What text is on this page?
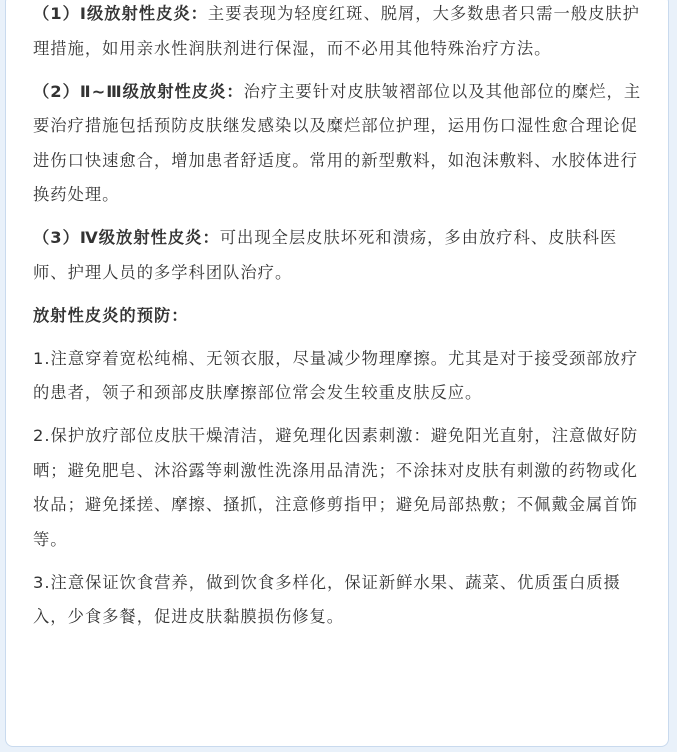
（1）Ⅰ级放射性皮炎：主要表现为轻度红斑、脱屑，大多数患者只需一般皮肤护理措施，如用亲水性润肤剂进行保湿，而不必用其他特殊治疗方法。

（2）Ⅱ~Ⅲ级放射性皮炎：治疗主要针对皮肤皱褶部位以及其他部位的糜烂，主要治疗措施包括预防皮肤继发感染以及糜烂部位护理，运用伤口湿性愈合理论促进伤口快速愈合，增加患者舒适度。常用的新型敷料，如泡沫敷料、水胶体进行换药处理。

（3）Ⅳ级放射性皮炎：可出现全层皮肤坏死和溃疡，多由放疗科、皮肤科医师、护理人员的多学科团队治疗。

放射性皮炎的预防：

1.注意穿着宽松纯棉、无领衣服，尽量减少物理摩擦。尤其是对于接受颈部放疗的患者，领子和颈部皮肤摩擦部位常会发生较重皮肤反应。

2.保护放疗部位皮肤干燥清洁，避免理化因素刺激：避免阳光直射，注意做好防晒；避免肥皂、沐浴露等刺激性洗涤用品清洗；不涂抹对皮肤有刺激的药物或化妆品；避免揉搓、摩擦、搔抓，注意修剪指甲；避免局部热敷；不佩戴金属首饰等。

3.注意保证饮食营养，做到饮食多样化，保证新鲜水果、蔬菜、优质蛋白质摄入，少食多餐，促进皮肤黏膜损伤修复。
